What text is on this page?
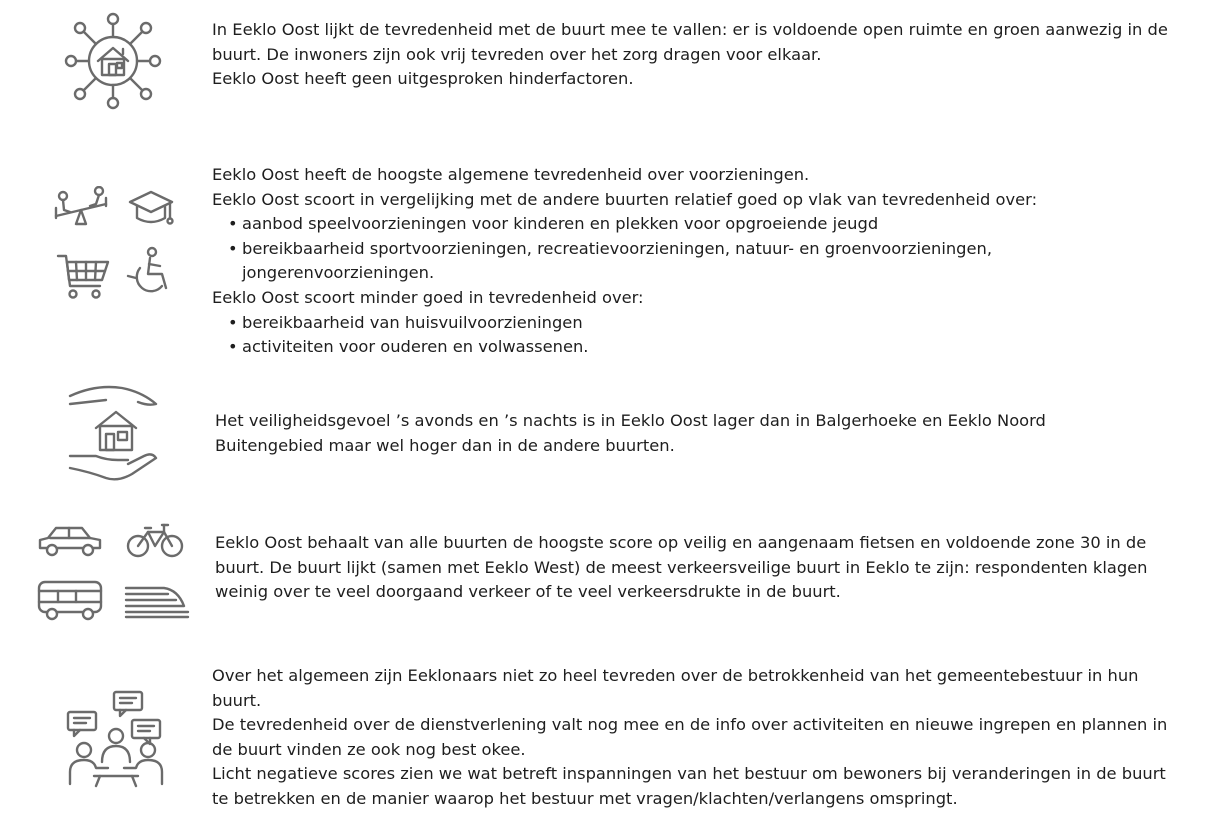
In Eeklo Oost lijkt de tevredenheid met de buurt mee te vallen: er is voldoende open ruimte en groen aanwezig in de buurt. De inwoners zijn ook vrij tevreden over het zorg dragen voor elkaar.

Eeklo Oost heeft geen uitgesproken hinderfactoren.

Eeklo Oost heeft de hoogste algemene tevredenheid over voorzieningen.

Eeklo Oost scoort in vergelijking met de andere buurten relatief goed op vlak van tevredenheid over:

• aanbod speelvoorzieningen voor kinderen en plekken voor opgroeiende jeugd
• bereikbaarheid sportvoorzieningen, recreatievoorzieningen, natuur- en groenvoorzieningen, jongerenvoorzieningen.

Eeklo Oost scoort minder goed in tevredenheid over:

• bereikbaarheid van huisvuilvoorzieningen
• activiteiten voor ouderen en volwassenen.

Het veiligheidsgevoel ’s avonds en ’s nachts is in Eeklo Oost lager dan in Balgerhoeke en Eeklo Noord Buitengebied maar wel hoger dan in de andere buurten.

Eeklo Oost behaalt van alle buurten de hoogste score op veilig en aangenaam fietsen en voldoende zone 30 in de buurt. De buurt lijkt (samen met Eeklo West) de meest verkeersveilige buurt in Eeklo te zijn: respondenten klagen weinig over te veel doorgaand verkeer of te veel verkeersdrukte in de buurt.

Over het algemeen zijn Eeklonaars niet zo heel tevreden over de betrokkenheid van het gemeentebestuur in hun buurt.

De tevredenheid over de dienstverlening valt nog mee en de info over activiteiten en nieuwe ingrepen en plannen in de buurt vinden ze ook nog best okee.

Licht negatieve scores zien we wat betreft inspanningen van het bestuur om bewoners bij veranderingen in de buurt te betrekken en de manier waarop het bestuur met vragen/klachten/verlangens omspringt.
